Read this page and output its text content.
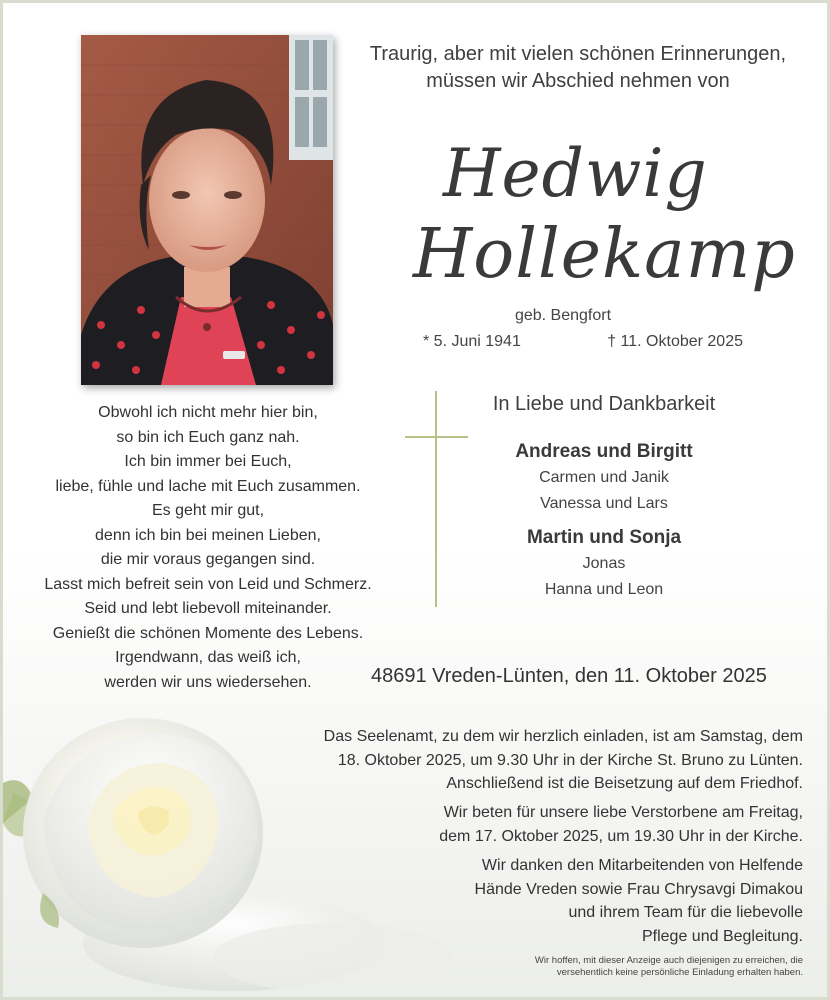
Traurig, aber mit vielen schönen Erinnerungen,
müssen wir Abschied nehmen von
Hedwig
Hollekamp
geb. Bengfort
* 5. Juni 1941	† 11. Oktober 2025
Obwohl ich nicht mehr hier bin,
so bin ich Euch ganz nah.
Ich bin immer bei Euch,
liebe, fühle und lache mit Euch zusammen.
Es geht mir gut,
denn ich bin bei meinen Lieben,
die mir voraus gegangen sind.
Lasst mich befreit sein von Leid und Schmerz.
Seid und lebt liebevoll miteinander.
Genießt die schönen Momente des Lebens.
Irgendwann, das weiß ich,
werden wir uns wiedersehen.
In Liebe und Dankbarkeit
Andreas und Birgitt
Carmen und Janik
Vanessa und Lars
Martin und Sonja
Jonas
Hanna und Leon
48691 Vreden-Lünten, den 11. Oktober 2025
Das Seelenamt, zu dem wir herzlich einladen, ist am Samstag, dem
18. Oktober 2025, um 9.30 Uhr in der Kirche St. Bruno zu Lünten.
Anschließend ist die Beisetzung auf dem Friedhof.
Wir beten für unsere liebe Verstorbene am Freitag,
dem 17. Oktober 2025, um 19.30 Uhr in der Kirche.
Wir danken den Mitarbeitenden von Helfende
Hände Vreden sowie Frau Chrysavgi Dimakou
und ihrem Team für die liebevolle
Pflege und Begleitung.
Wir hoffen, mit dieser Anzeige auch diejenigen zu erreichen, die
versehentlich keine persönliche Einladung erhalten haben.
